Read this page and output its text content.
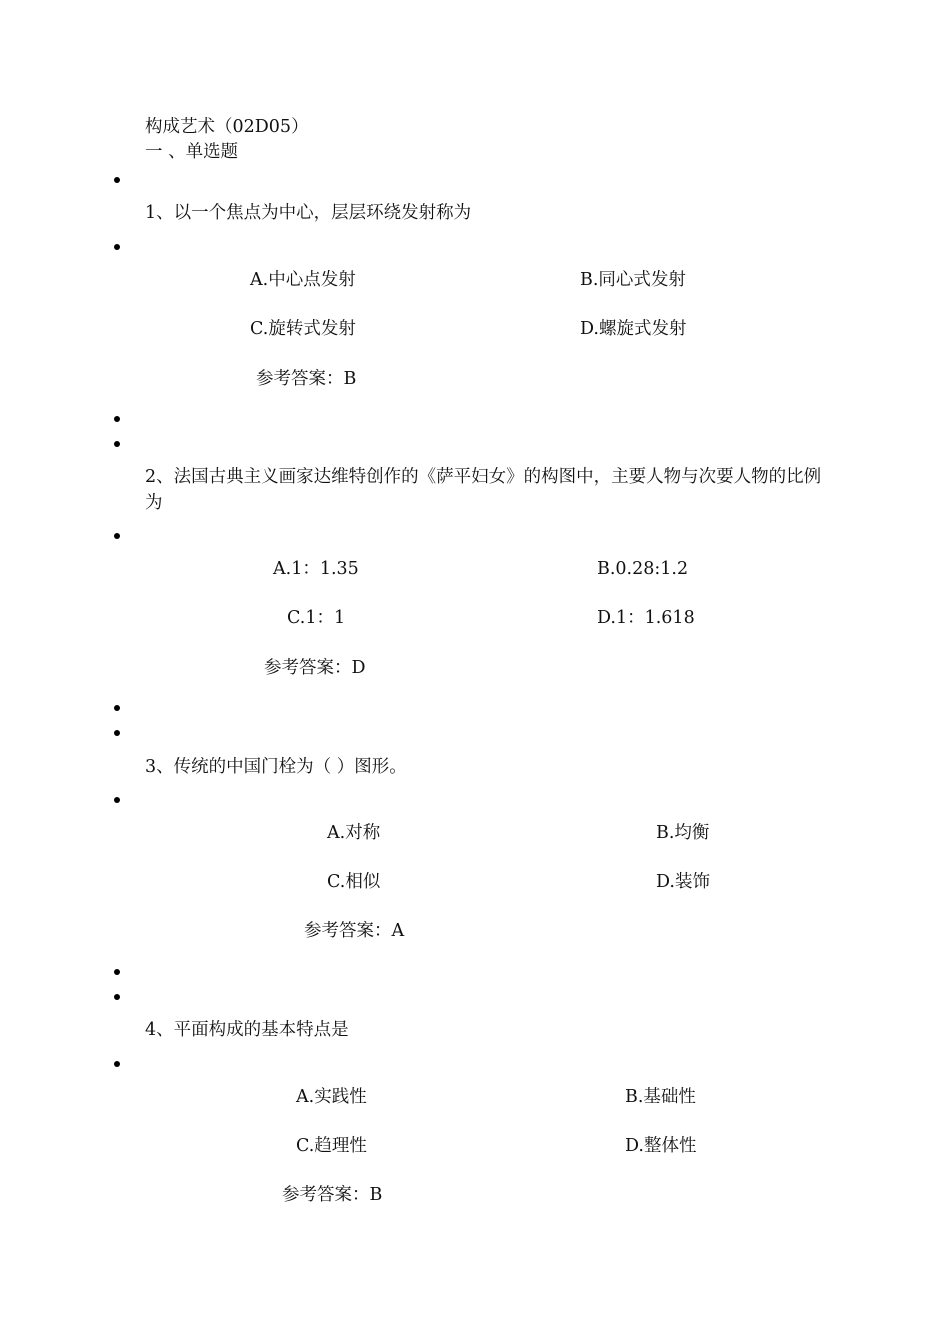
构成艺术（02D05）
一 、单选题
1、以一个焦点为中心，层层环绕发射称为
A.中心点发射	B.同心式发射
C.旋转式发射	D.螺旋式发射
参考答案：B
2、法国古典主义画家达维特创作的《萨平妇女》的构图中，主要人物与次要人物的比例为
A.1：1.35	B.0.28:1.2
C.1：1	D.1：1.618
参考答案：D
3、传统的中国门栓为（ ）图形。
A.对称	B.均衡
C.相似	D.装饰
参考答案：A
4、平面构成的基本特点是
A.实践性	B.基础性
C.趋理性	D.整体性
参考答案：B
